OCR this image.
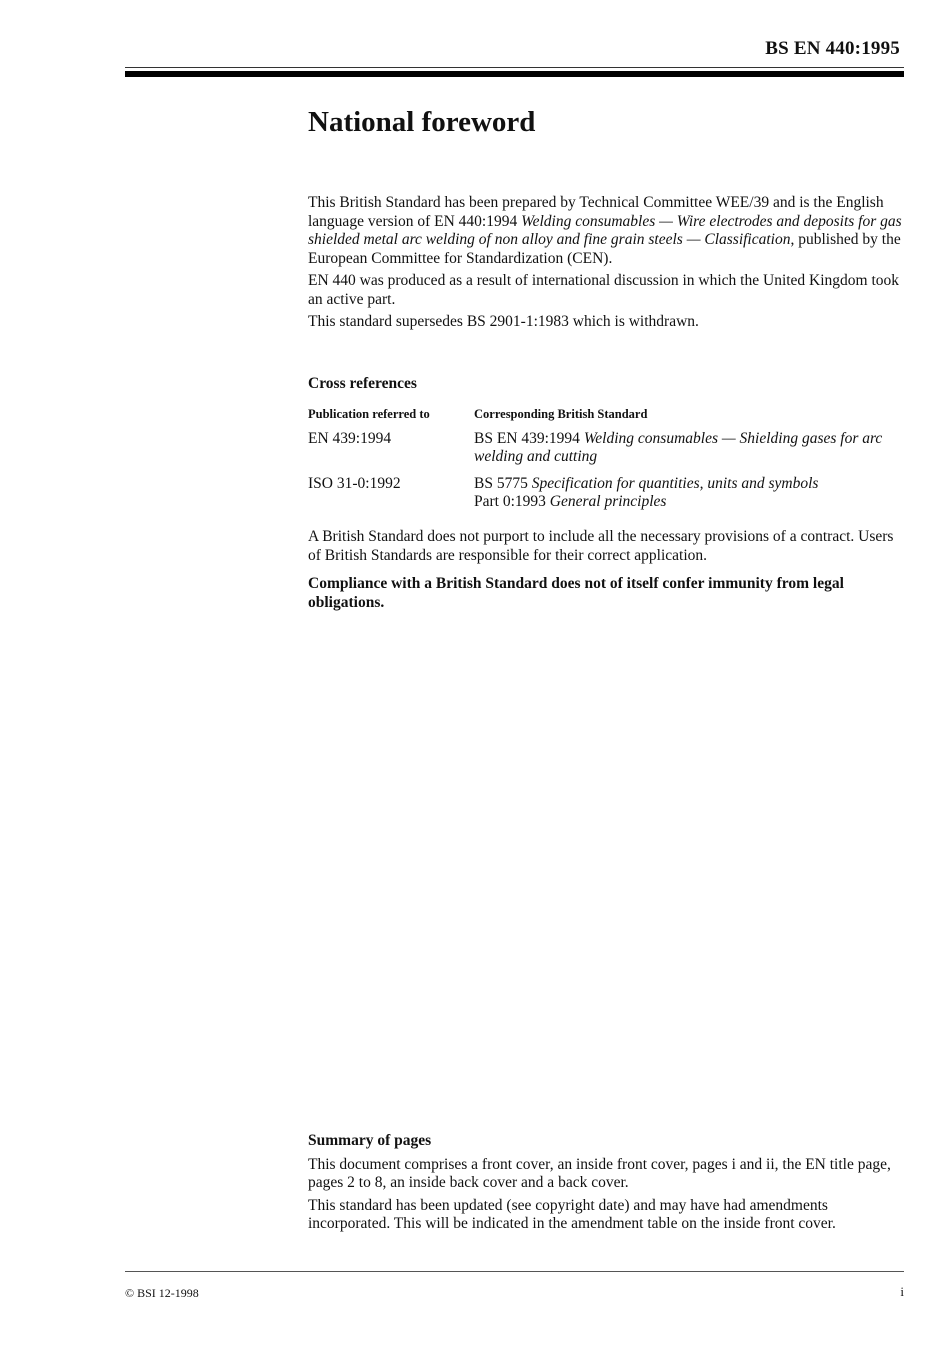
BS EN 440:1995
National foreword

This British Standard has been prepared by Technical Committee WEE/39 and is the English language version of EN 440:1994 Welding consumables — Wire electrodes and deposits for gas shielded metal arc welding of non alloy and fine grain steels — Classification, published by the European Committee for Standardization (CEN).

EN 440 was produced as a result of international discussion in which the United Kingdom took an active part.

This standard supersedes BS 2901-1:1983 which is withdrawn.

Cross references
Publication referred to	Corresponding British Standard
EN 439:1994	BS EN 439:1994 Welding consumables — Shielding gases for arc welding and cutting
ISO 31-0:1992	BS 5775 Specification for quantities, units and symbols
Part 0:1993 General principles

A British Standard does not purport to include all the necessary provisions of a contract. Users of British Standards are responsible for their correct application.

Compliance with a British Standard does not of itself confer immunity from legal obligations.

Summary of pages

This document comprises a front cover, an inside front cover, pages i and ii, the EN title page, pages 2 to 8, an inside back cover and a back cover.

This standard has been updated (see copyright date) and may have had amendments incorporated. This will be indicated in the amendment table on the inside front cover.

© BSI 12-1998	i
